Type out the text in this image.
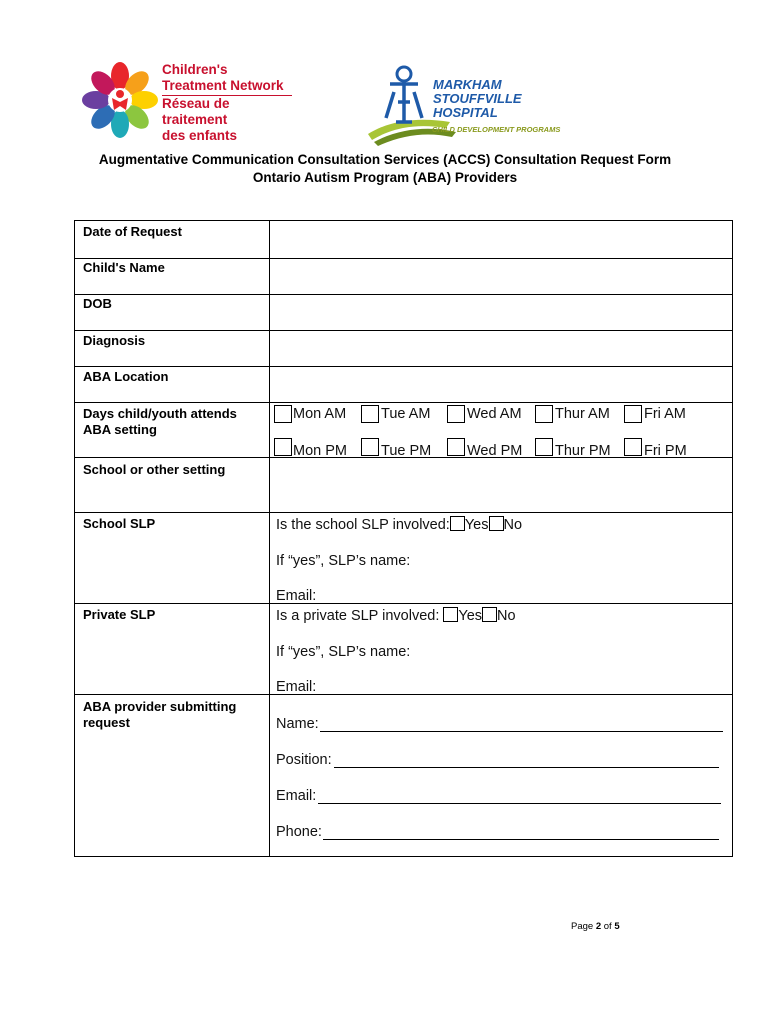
Children's
Treatment Network
Réseau de traitement
des enfants
MARKHAM
STOUFFVILLE
HOSPITAL
CHILD DEVELOPMENT PROGRAMS
Augmentative Communication Consultation Services (ACCS) Consultation Request Form
Ontario Autism Program (ABA) Providers
Date of Request
Child's Name
DOB
Diagnosis
ABA Location
Days child/youth attends ABA setting
School or other setting
School SLP
Private SLP
ABA provider submitting request
Mon AM Tue AM	Wed AM Thur AM Fri AM
Mon PM Tue PM Wed PM Thur PM Fri PM
Is the school SLP involved: Yes No
If “yes”, SLP’s name:
Email:
Is a private SLP involved: Yes No
If “yes”, SLP’s name:
Email:
Name:
Position:
Email:
Phone:
Page 2 of 5
